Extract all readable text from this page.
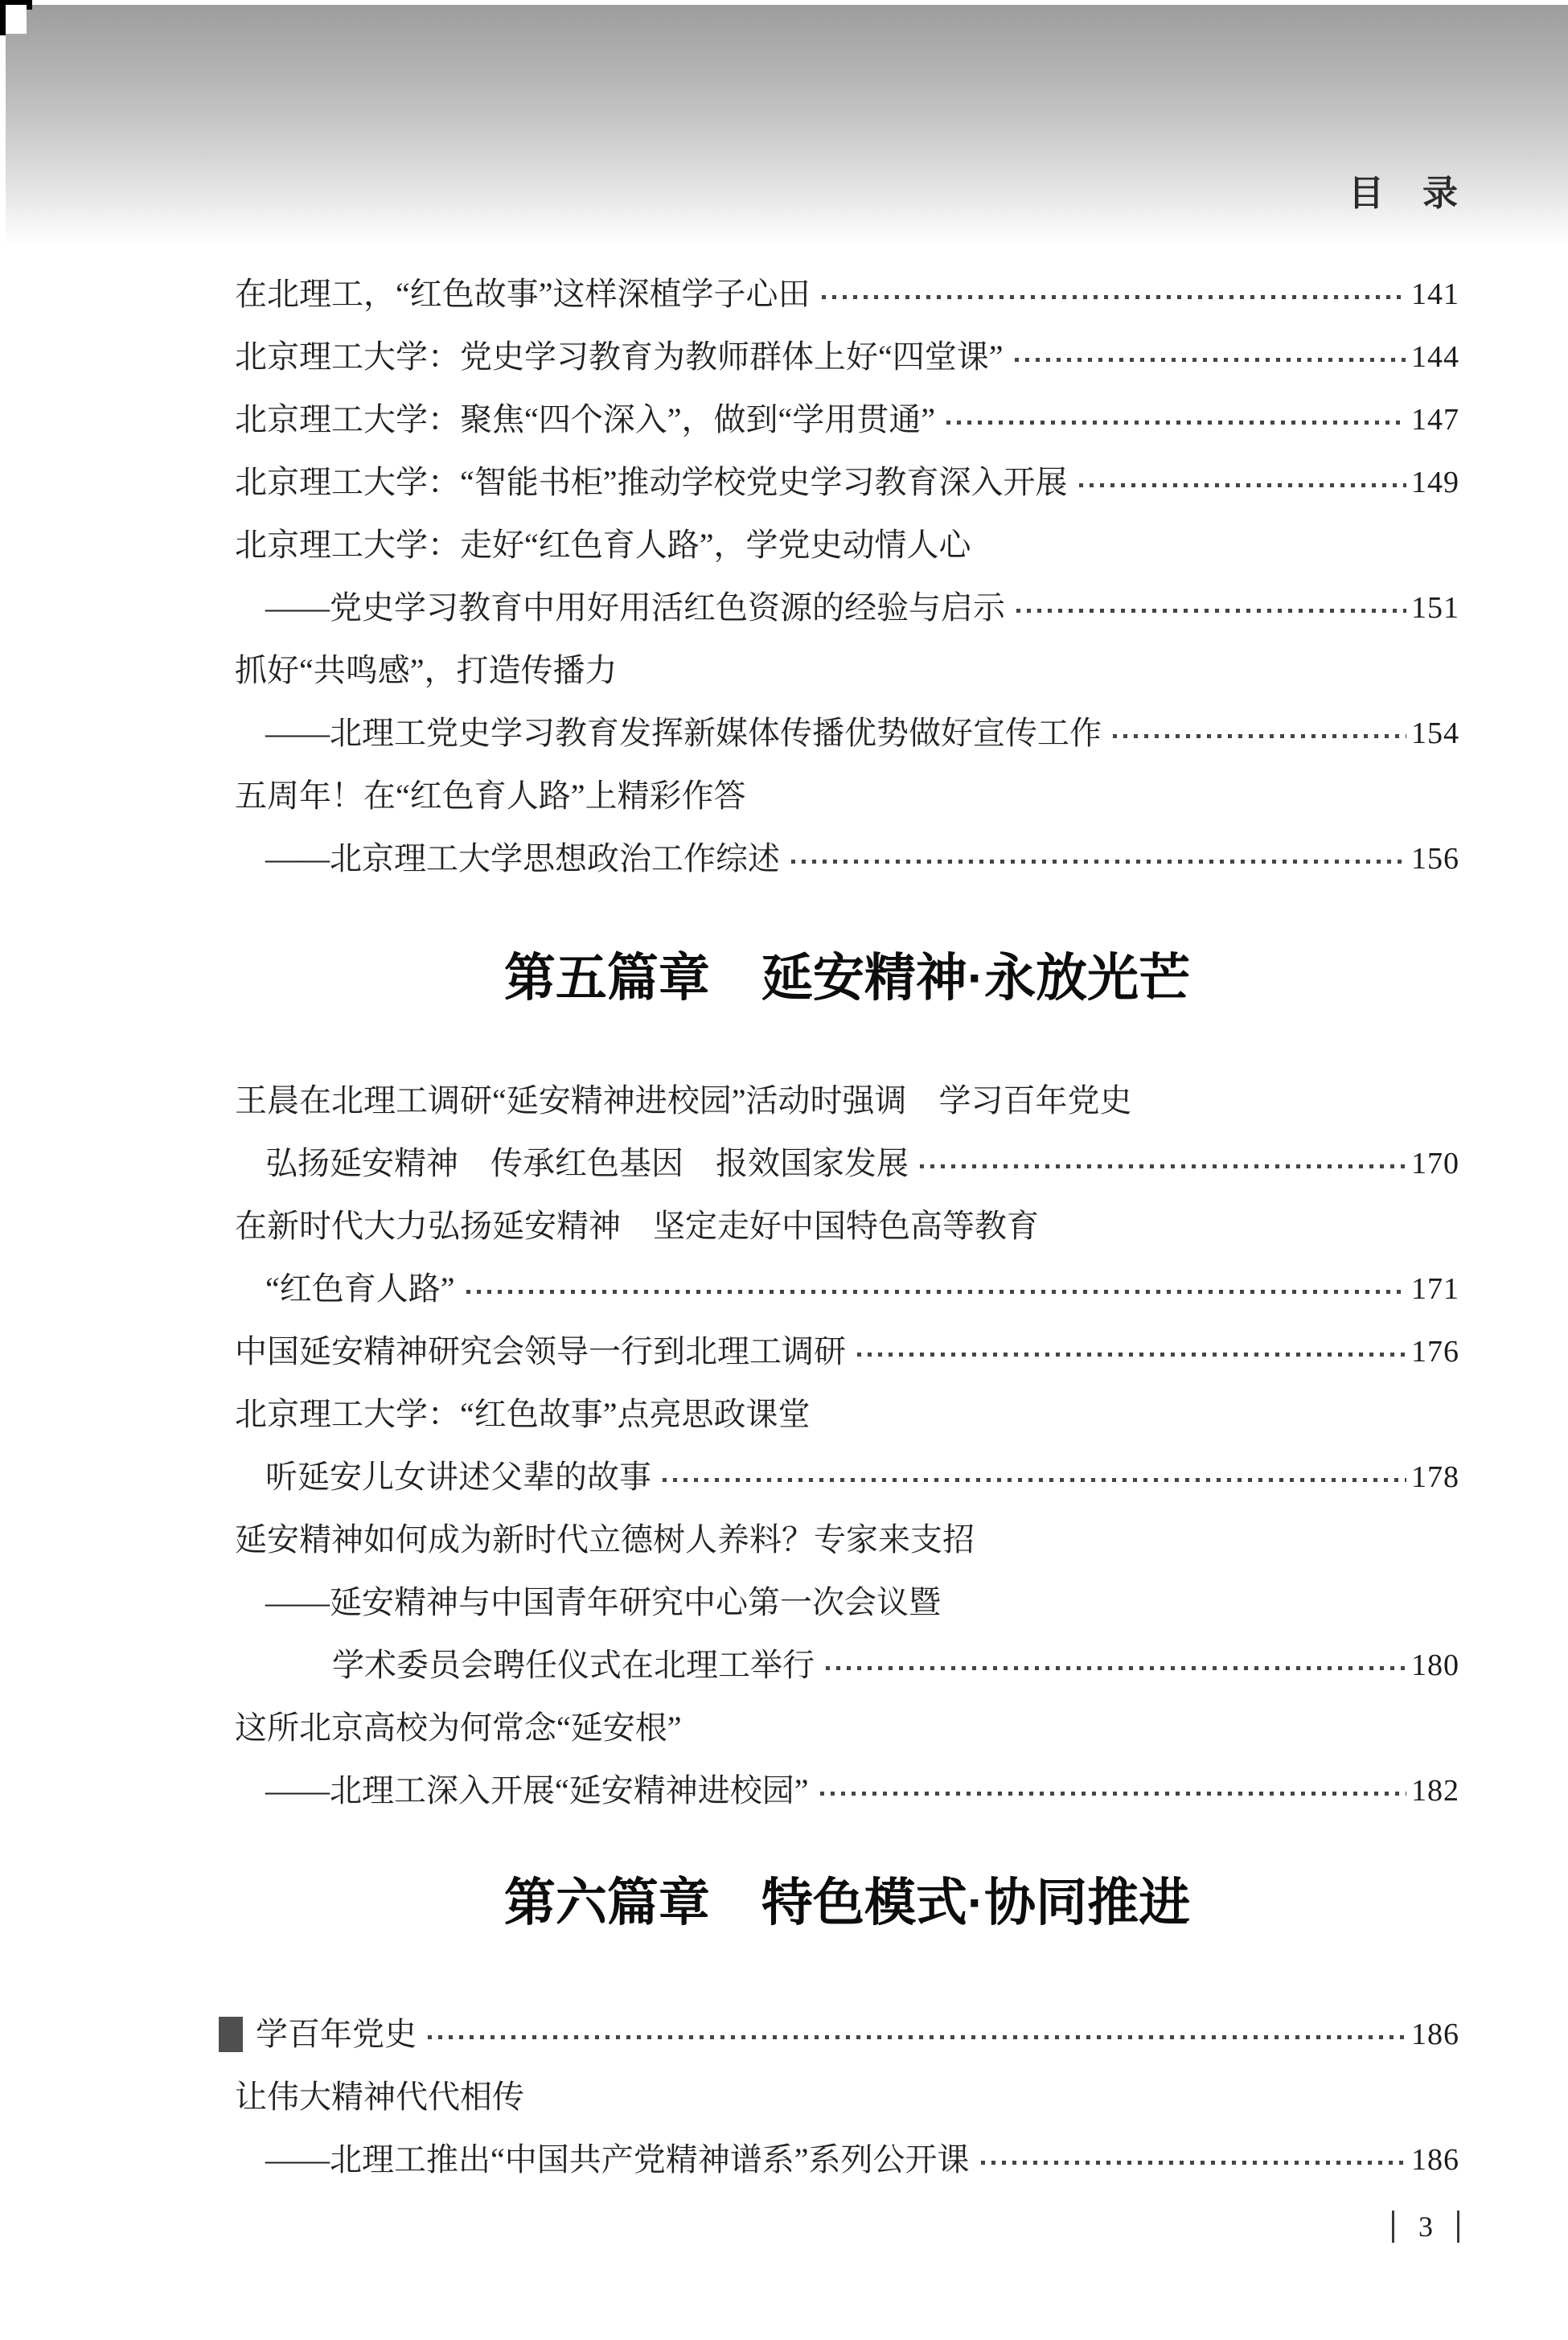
目　录
在北理工，“红色故事”这样深植学子心田	141
北京理工大学：党史学习教育为教师群体上好“四堂课”	144
北京理工大学：聚焦“四个深入”，做到“学用贯通”	147
北京理工大学：“智能书柜”推动学校党史学习教育深入开展	149
北京理工大学：走好“红色育人路”，学党史动情人心
——党史学习教育中用好用活红色资源的经验与启示	151
抓好“共鸣感”，打造传播力
——北理工党史学习教育发挥新媒体传播优势做好宣传工作	154
五周年！在“红色育人路”上精彩作答
——北京理工大学思想政治工作综述	156
第五篇章　延安精神·永放光芒
王晨在北理工调研“延安精神进校园”活动时强调　学习百年党史
弘扬延安精神　传承红色基因　报效国家发展	170
在新时代大力弘扬延安精神　坚定走好中国特色高等教育
“红色育人路”	171
中国延安精神研究会领导一行到北理工调研	176
北京理工大学：“红色故事”点亮思政课堂
听延安儿女讲述父辈的故事	178
延安精神如何成为新时代立德树人养料？专家来支招
——延安精神与中国青年研究中心第一次会议暨
学术委员会聘任仪式在北理工举行	180
这所北京高校为何常念“延安根”
——北理工深入开展“延安精神进校园”	182
第六篇章　特色模式·协同推进
学百年党史	186
让伟大精神代代相传
——北理工推出“中国共产党精神谱系”系列公开课	186
3
